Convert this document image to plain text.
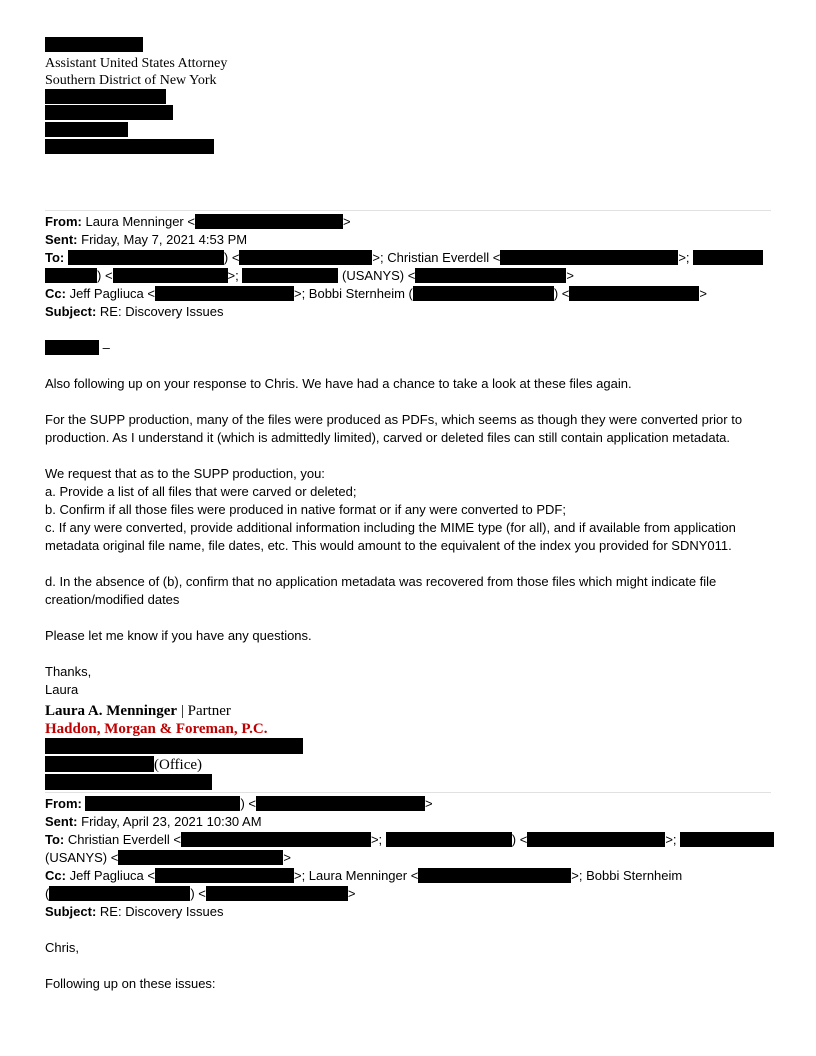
Assistant United States Attorney
Southern District of New York
From: Laura Menninger <	>
Sent: Friday, May 7, 2021 4:53 PM
To:	) <	>; Christian Everdell <	>;
) <	>;	(USANYS) <	>
Cc: Jeff Pagliuca <	>; Bobbi Sternheim (	) <	>
Subject: RE: Discovery Issues
–
Also following up on your response to Chris. We have had a chance to take a look at these files again.
For the SUPP production, many of the files were produced as PDFs, which seems as though they were converted prior to production. As I understand it (which is admittedly limited), carved or deleted files can still contain application metadata.
We request that as to the SUPP production, you:
a. Provide a list of all files that were carved or deleted;
b. Confirm if all those files were produced in native format or if any were converted to PDF;
c. If any were converted, provide additional information including the MIME type (for all), and if available from application metadata original file name, file dates, etc. This would amount to the equivalent of the index you provided for SDNY011.
d. In the absence of (b), confirm that no application metadata was recovered from those files which might indicate file creation/modified dates
Please let me know if you have any questions.
Thanks,
Laura
Laura A. Menninger | Partner
Haddon, Morgan & Foreman, P.C.
(Office)
From:	) <	>
Sent: Friday, April 23, 2021 10:30 AM
To: Christian Everdell <	>;	) <	>;
(USANYS) <	>
Cc: Jeff Pagliuca <	>; Laura Menninger <	>; Bobbi Sternheim
(	) <	>
Subject: RE: Discovery Issues
Chris,
Following up on these issues:
